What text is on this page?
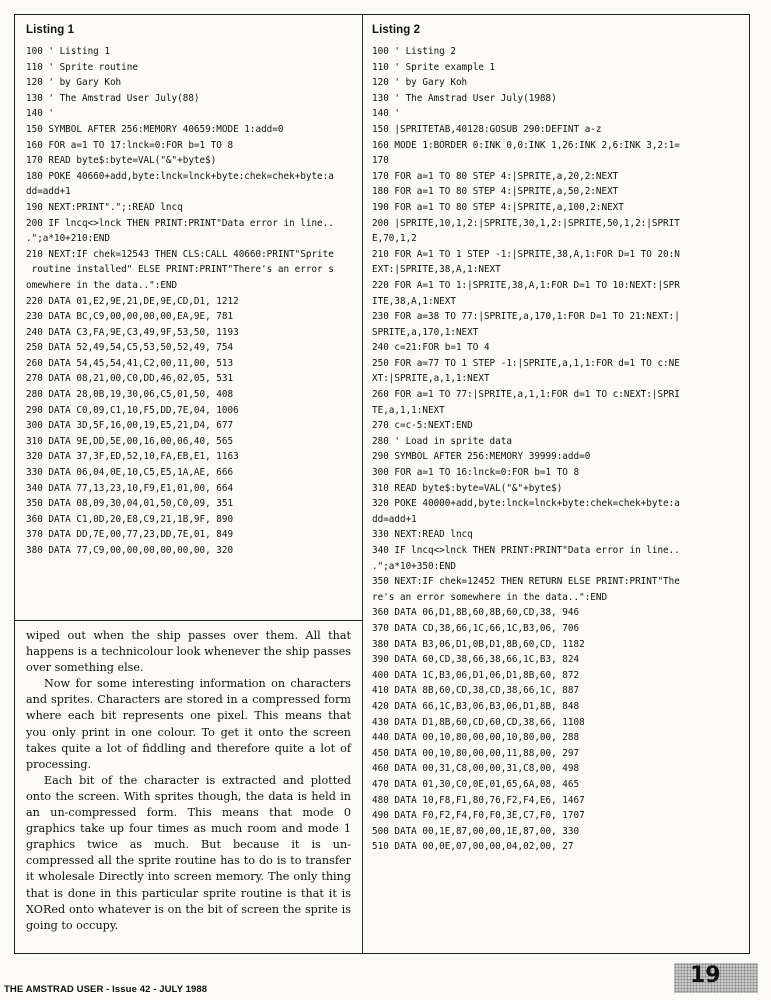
Listing 1
100 ' Listing 1
110 ' Sprite routine
120 ' by Gary Koh
130 ' The Amstrad User July(88)
140 '
150 SYMBOL AFTER 256:MEMORY 40659:MODE 1:add=0
160 FOR a=1 TO 17:lnck=0:FOR b=1 TO 8
170 READ byte$:byte=VAL("&"+byte$)
180 POKE 40660+add,byte:lnck=lnck+byte:chek=chek+byte:a
dd=add+1
190 NEXT:PRINT".";:READ lncq
200 IF lncq<>lnck THEN PRINT:PRINT"Data error in line..
.";a*10+210:END
210 NEXT:IF chek=12543 THEN CLS:CALL 40660:PRINT"Sprite
routine installed" ELSE PRINT:PRINT"There's an error s
omewhere in the data..":END
220 DATA 01,E2,9E,21,DE,9E,CD,D1, 1212
230 DATA BC,C9,00,00,00,00,EA,9E, 781
240 DATA C3,FA,9E,C3,49,9F,53,50, 1193
250 DATA 52,49,54,C5,53,50,52,49, 754
260 DATA 54,45,54,41,C2,00,11,00, 513
270 DATA 08,21,00,C0,DD,46,02,05, 531
280 DATA 28,0B,19,30,06,C5,01,50, 408
290 DATA C0,09,C1,10,F5,DD,7E,04, 1006
300 DATA 3D,5F,16,00,19,E5,21,D4, 677
310 DATA 9E,DD,5E,00,16,00,06,40, 565
320 DATA 37,3F,ED,52,10,FA,EB,E1, 1163
330 DATA 06,04,0E,10,C5,E5,1A,AE, 666
340 DATA 77,13,23,10,F9,E1,01,00, 664
350 DATA 08,09,30,04,01,50,C0,09, 351
360 DATA C1,0D,20,E8,C9,21,1B,9F, 890
370 DATA DD,7E,00,77,23,DD,7E,01, 849
380 DATA 77,C9,00,00,00,00,00,00, 320
Listing 2
100 ' Listing 2
110 ' Sprite example 1
120 ' by Gary Koh
130 ' The Amstrad User July(1988)
140 '
150 |SPRITETAB,40128:GOSUB 290:DEFINT a-z
160 MODE 1:BORDER 0:INK 0,0:INK 1,26:INK 2,6:INK 3,2:1=
170
170 FOR a=1 TO 80 STEP 4:|SPRITE,a,20,2:NEXT
180 FOR a=1 TO 80 STEP 4:|SPRITE,a,50,2:NEXT
190 FOR a=1 TO 80 STEP 4:|SPRITE,a,100,2:NEXT
200 |SPRITE,10,1,2:|SPRITE,30,1,2:|SPRITE,50,1,2:|SPRIT
E,70,1,2
210 FOR A=1 TO 1 STEP -1:|SPRITE,38,A,1:FOR D=1 TO 20:N
EXT:|SPRITE,38,A,1:NEXT
220 FOR A=1 TO 1:|SPRITE,38,A,1:FOR D=1 TO 10:NEXT:|SPR
ITE,38,A,1:NEXT
230 FOR a=38 TO 77:|SPRITE,a,170,1:FOR D=1 TO 21:NEXT:|
SPRITE,a,170,1:NEXT
240 c=21:FOR b=1 TO 4
250 FOR a=77 TO 1 STEP -1:|SPRITE,a,1,1:FOR d=1 TO c:NE
XT:|SPRITE,a,1,1:NEXT
260 FOR a=1 TO 77:|SPRITE,a,1,1:FOR d=1 TO c:NEXT:|SPRI
TE,a,1,1:NEXT
270 c=c-5:NEXT:END
280 ' Load in sprite data
290 SYMBOL AFTER 256:MEMORY 39999:add=0
300 FOR a=1 TO 16:lnck=0:FOR b=1 TO 8
310 READ byte$:byte=VAL("&"+byte$)
320 POKE 40000+add,byte:lnck=lnck+byte:chek=chek+byte:a
dd=add+1
330 NEXT:READ lncq
340 IF lncq<>lnck THEN PRINT:PRINT"Data error in line..
.";a*10+350:END
350 NEXT:IF chek=12452 THEN RETURN ELSE PRINT:PRINT"The
re's an error somewhere in the data..":END
360 DATA 06,D1,8B,60,8B,60,CD,38, 946
370 DATA CD,38,66,1C,66,1C,B3,06, 706
380 DATA B3,06,D1,0B,D1,8B,60,CD, 1182
390 DATA 60,CD,38,66,38,66,1C,B3, 824
400 DATA 1C,B3,06,D1,06,D1,8B,60, 872
410 DATA 8B,60,CD,38,CD,38,66,1C, 887
420 DATA 66,1C,B3,06,B3,06,D1,8B, 848
430 DATA D1,8B,60,CD,60,CD,38,66, 1108
440 DATA 00,10,80,00,00,10,80,00, 288
450 DATA 00,10,80,00,00,11,88,00, 297
460 DATA 00,31,C8,00,00,31,C8,00, 498
470 DATA 01,30,C0,0E,01,65,6A,08, 465
480 DATA 10,F8,F1,80,76,F2,F4,E6, 1467
490 DATA F0,F2,F4,F0,F0,3E,C7,F0, 1707
500 DATA 00,1E,87,00,00,1E,87,00, 330
510 DATA 00,0E,07,00,00,04,02,00, 27

wiped out when the ship passes over them. All that happens is a technicolour look whenever the ship passes over something else.

Now for some interesting information on characters and sprites. Characters are stored in a compressed form where each bit represents one pixel. This means that you only print in one colour. To get it onto the screen takes quite a lot of fiddling and therefore quite a lot of processing.

Each bit of the character is extracted and plotted onto the screen. With sprites though, the data is held in an un-compressed form. This means that mode 0 graphics take up four times as much room and mode 1 graphics twice as much. But because it is un-compressed all the sprite routine has to do is to transfer it wholesale Directly into screen memory. The only thing that is done in this particular sprite routine is that it is XORed onto whatever is on the bit of screen the sprite is going to occupy.

THE AMSTRAD USER - Issue 42 - JULY 1988
19
